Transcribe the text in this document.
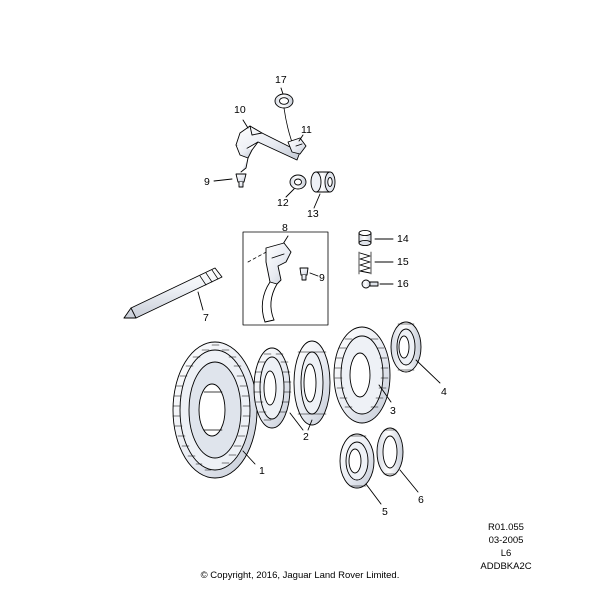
1
2
3
4
5
6
7
8
9
9
10
11
12
13
14
15
16
17
R01.055
03-2005
L6
ADDBKA2C
© Copyright, 2016, Jaguar Land Rover Limited.
